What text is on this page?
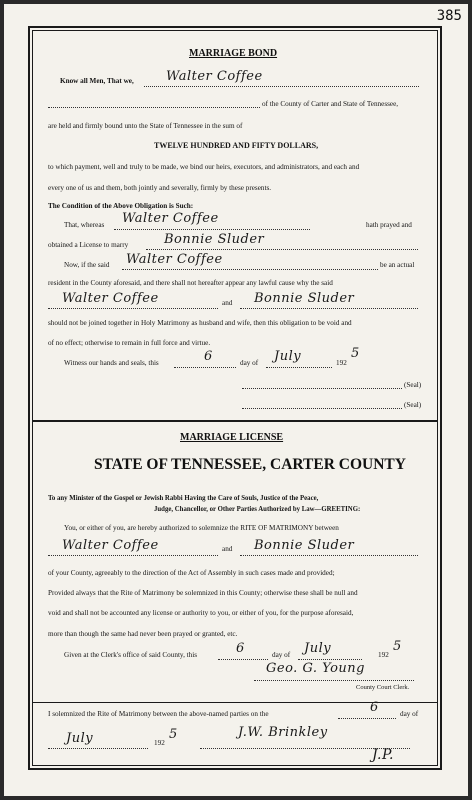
385
MARRIAGE BOND
Know all Men, That we, Walter Coffee
of the County of Carter and State of Tennessee,
are held and firmly bound unto the State of Tennessee in the sum of
TWELVE HUNDRED AND FIFTY DOLLARS,
to which payment, well and truly to be made, we bind our heirs, executors, and administrators, and each and
every one of us and them, both jointly and severally, firmly by these presents.
The Condition of the Above Obligation is Such:
That, whereas Walter Coffee	hath prayed and
obtained a License to marry	Bonnie Sluder
Now, if the said Walter Coffee	be an actual
resident in the County aforesaid, and there shall not hereafter appear any lawful cause why the said
Walter Coffee	and Bonnie Sluder
should not be joined together in Holy Matrimony as husband and wife, then this obligation to be void and
of no effect; otherwise to remain in full force and virtue.
Witness our hands and seals, this	6	day of July	192
5
(Seal)
(Seal)
MARRIAGE LICENSE
STATE OF TENNESSEE, CARTER COUNTY
To any Minister of the Gospel or Jewish Rabbi Having the Care of Souls, Justice of the Peace,
Judge, Chancellor, or Other Parties Authorized by Law—GREETING:
You, or either of you, are hereby authorized to solemnize the RITE OF MATRIMONY between
Walter Coffee	and Bonnie Sluder
of your County, agreeably to the direction of the Act of Assembly in such cases made and provided;
Provided always that the Rite of Matrimony be solemnized in this County; otherwise these shall be null and
void and shall not be accounted any license or authority to you, or either of you, for the purpose aforesaid,
more than though the same had never been prayed or granted, etc.
Given at the Clerk's office of said County, this	6	day of July	192
5
Geo. G. Young
County Court Clerk.
I solemnized the Rite of Matrimony between the above-named parties on the	6	day of
July	192
5	J.W. Brinkley
J.P.
